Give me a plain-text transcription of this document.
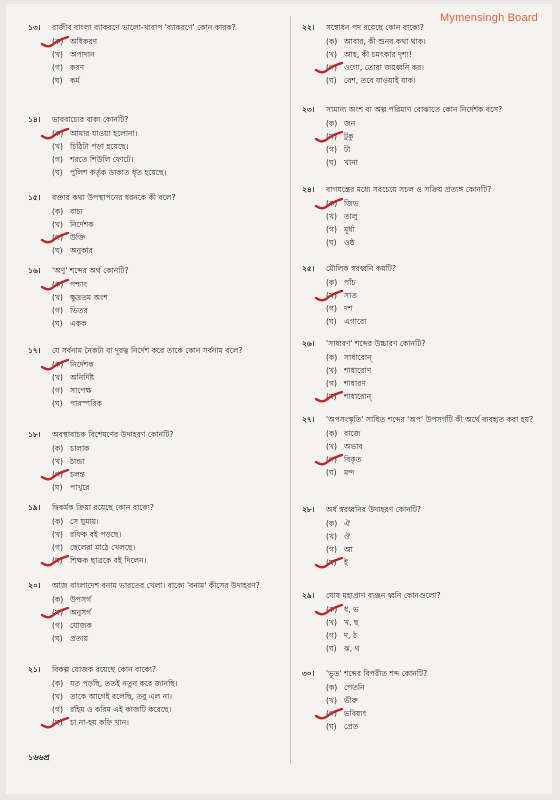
Mymensingh Board
১৩।	রাজীব বাংলা ব্যাকরণে ভালো-খারাপ 'ব্যাকরণে' কোন কারক?
(ক) অধিকরণ
(খ) অপাদান
(গ) করণ
(ঘ) কর্ম
১৪।	ভাববাচ্যের বাক্য কোনটি?
(ক) আমার যাওয়া হলোনা।
(খ) চিঠিটা পড়া হয়েছে।
(গ) শরতে শিউলি ফোটে।
(ঘ) পুলিশ কর্তৃক ডাকাত ধৃত হয়েছে।
১৫।	বক্তার কথা উপস্থাপনের ধরনকে কী বলে?
(ক) বাচ্য
(খ) নির্দেশক
(গ) উক্তি
(ঘ) অনুকার
১৬।	'অণু' শব্দের অর্থ কোনটি?
(ক) পশ্চাৎ
(খ) ক্ষুদ্রতম অংশ
(গ) ভিতর
(ঘ) একক
১৭।	যে সর্বনাম নৈকট্য বা দূরত্ব নির্দেশ করে তাকে কোন সর্বনাম বলে?
(ক) নির্দেশক
(খ) অনির্দিষ্ট
(গ) সাপেক্ষ
(ঘ) পারস্পরিক
১৮।	অবস্থাবাচক বিশেষণের উদাহরণ কোনটি?
(ক) চালাক
(খ) ঠান্ডা
(গ) চলন্ত
(ঘ) পাখুরে
১৯।	দ্বিকর্মক ক্রিয়া রয়েছে কোন বাক্যে?
(ক) সে ঘুমায়।
(খ) রফিক বই পড়ছে।
(গ) ছেলেরা মাঠে খেলছে।
(ঘ) শিক্ষক ছাত্রকে বই দিলেন।
২০।	আজ বাংলাদেশ বনাম ভারতের খেলা। বাক্যে 'বনাম' কীসের উদাহরণ?
(ক) উপসর্গ
(খ) অনুসর্গ
(গ) যোজক
(ঘ) প্রত্যয়
২১।	বিকল্প যোজক রয়েছে কোন বাক্যে?
(ক) যত পড়ছি, ততই নতুন করে জানছি।
(খ) তাকে আগেই বলেছি, তবু এল না।
(গ) রহিম ও করিম এই কাজটি করেছে।
(ঘ) চা না-হয় কফি খান।
২২।	সম্বোধন পদ রয়েছে কোন বাক্যে?
(ক) আবার, কী শুনব কথা থাক।
(খ) আহ, কী চমৎকার দৃশ্য!
(গ) ওগো, তোরা জয়ধ্বনি কর।
(ঘ) বেশ, তবে যাওয়াই যাক।
২৩।	সামান্য অংশ বা অল্প পরিমাণ বোঝাতে কোন নির্দেশক বসে?
(ক) জন
(খ) টুকু
(গ) টা
(ঘ) খানা
২৪।	বাগযন্ত্রের মধ্যে সবচেয়ে সচল ও সক্রিয় প্রত্যঙ্গ কোনটি?
(ক) জিভ
(খ) তালু
(গ) মূর্ধা
(ঘ) ওষ্ঠ
২৫।	মৌলিক স্বরধ্বনি কয়টি?
(ক) পাঁচ
(খ) সাত
(গ) দশ
(ঘ) এগারো
২৬।	'সাধারণ' শব্দের উচ্চারণ কোনটি?
(ক) সাধারোন্
(খ) শাধারোণ
(গ) শাধারণ
(ঘ) শাধারোন্
২৭।	'অপসংস্কৃতি' সাধিত শব্দের 'অপ' উপসর্গটি কী অর্থে ব্যবহৃত করা হয়?
(ক) বাজে
(খ) অভাব
(গ) বিকৃত
(ঘ) মন্দ
২৮।	অর্ধ স্বরধ্বনির উদাহরণ কোনটি?
(ক) ঐ
(খ) ঔ
(গ) আ
(ঘ) ই
২৯।	ঘোষ মহাপ্রাণ ব্যঞ্জন ধ্বনি কোনগুলো?
(ক) ধ, ভ
(খ) খ, ছ
(গ) দ, ঠ
(ঘ) ঝ, থ
৩০।	'ভূত' শব্দের বিপরীত শব্দ কোনটি?
(ক) পেতনি
(খ) ভীরু
(গ) ভবিষ্যৎ
(ঘ) প্রেত
১৬৬প্র
